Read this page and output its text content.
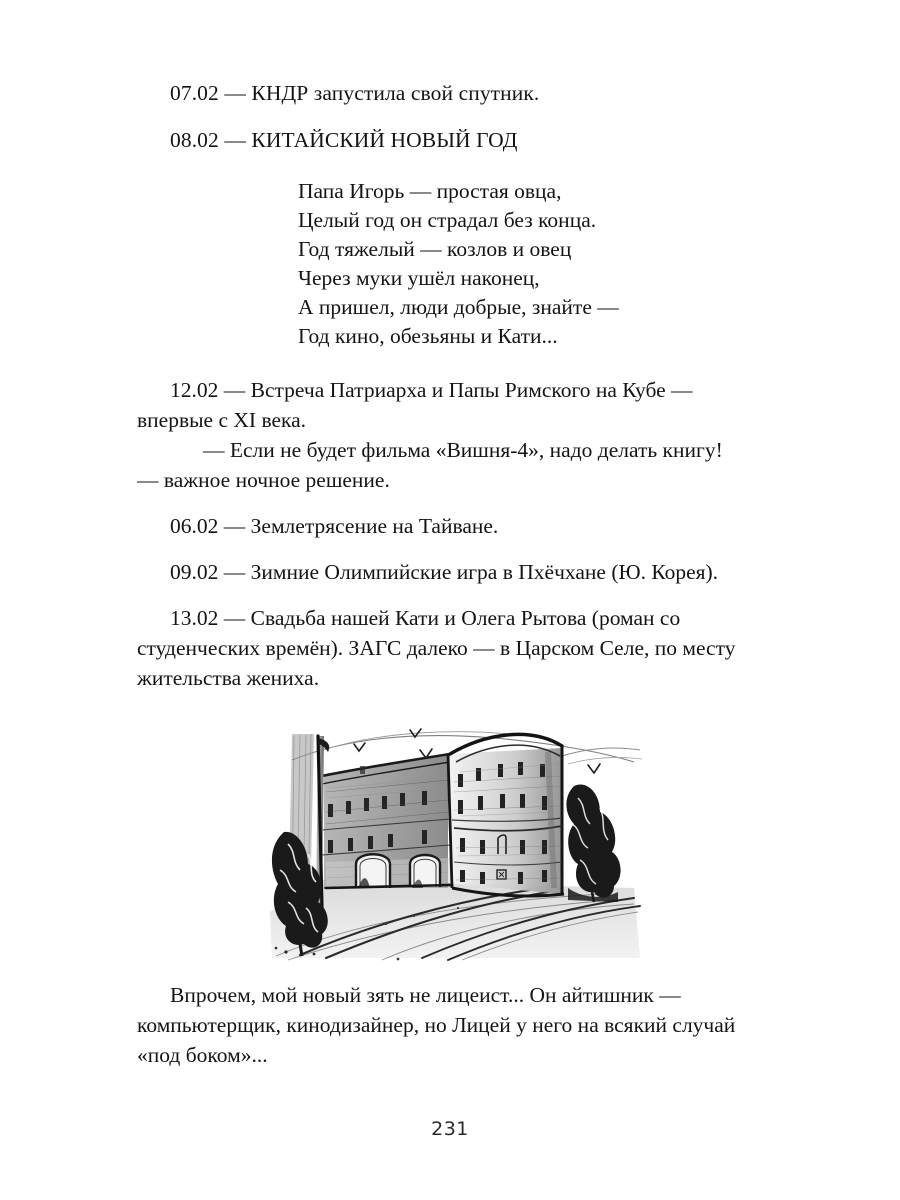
07.02 — КНДР запустила свой спутник.

08.02 — КИТАЙСКИЙ НОВЫЙ ГОД

Папа Игорь — простая овца,

Целый год он страдал без конца.

Год тяжелый — козлов и овец

Через муки ушёл наконец,

А пришел, люди добрые, знайте —

Год кино, обезьяны и Кати...

12.02 — Встреча Патриарха и Папы Римского на Кубе — впервые с XI века.

— Если не будет фильма «Вишня-4», надо делать книгу! — важное ночное решение.

06.02 — Землетрясение на Тайване.

09.02 — Зимние Олимпийские игра в Пхёчхане (Ю. Корея).

13.02 — Свадьба нашей Кати и Олега Рытова (роман со студенческих времён). ЗАГС далеко — в Царском Селе, по месту жительства жениха.

Впрочем, мой новый зять не лицеист... Он айтишник — компьютерщик, кинодизайнер, но Лицей у него на всякий случай «под боком»...
231
